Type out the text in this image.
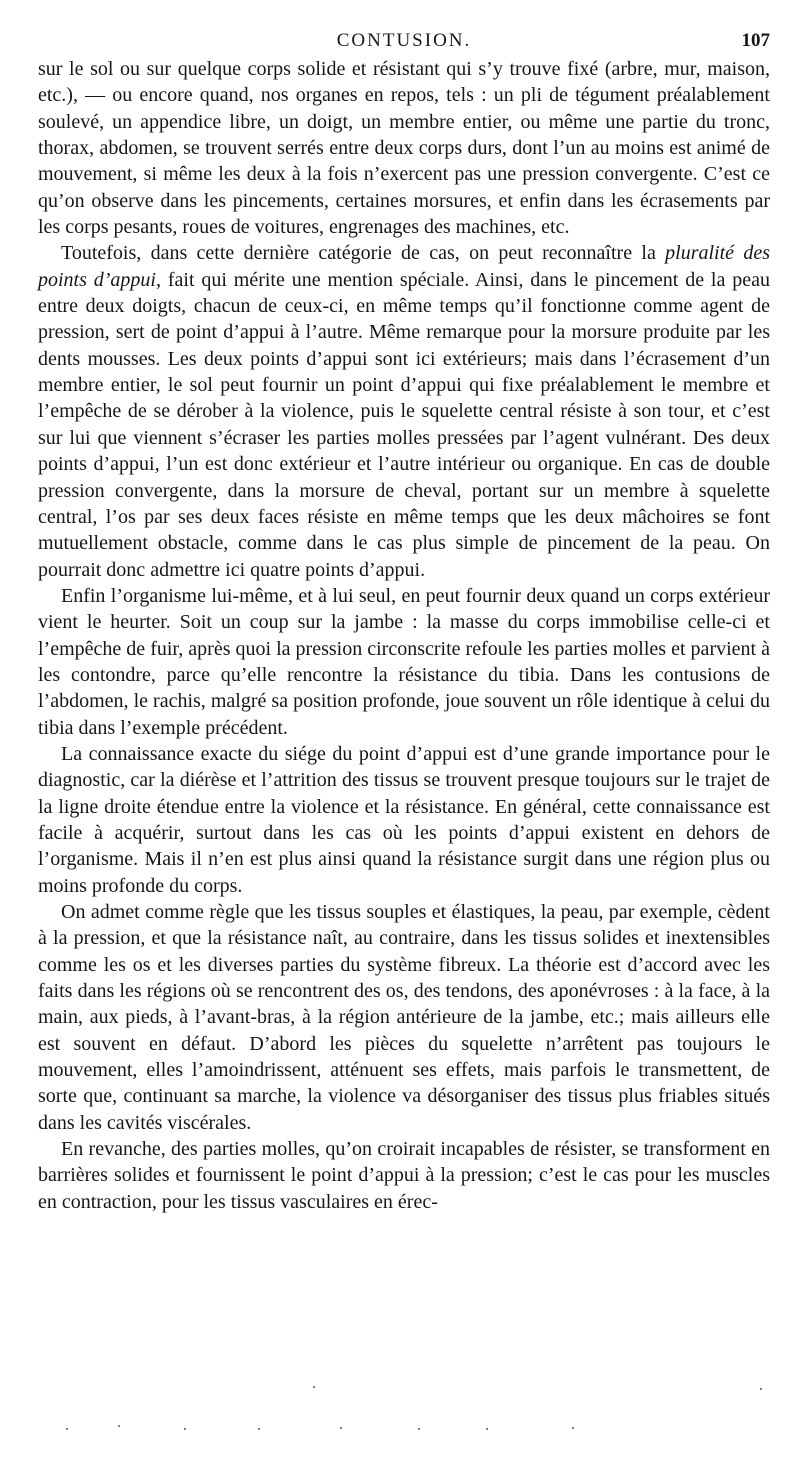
CONTUSION.	107

sur le sol ou sur quelque corps solide et résistant qui s’y trouve fixé (arbre, mur, maison, etc.), — ou encore quand, nos organes en repos, tels : un pli de tégument préalablement soulevé, un appendice libre, un doigt, un membre entier, ou même une partie du tronc, thorax, abdomen, se trouvent serrés entre deux corps durs, dont l’un au moins est animé de mouvement, si même les deux à la fois n’exercent pas une pression convergente. C’est ce qu’on observe dans les pincements, certaines morsures, et enfin dans les écrasements par les corps pesants, roues de voitures, engrenages des machines, etc.

Toutefois, dans cette dernière catégorie de cas, on peut reconnaître la pluralité des points d’appui, fait qui mérite une mention spéciale. Ainsi, dans le pincement de la peau entre deux doigts, chacun de ceux-ci, en même temps qu’il fonctionne comme agent de pression, sert de point d’appui à l’autre. Même remarque pour la morsure produite par les dents mousses. Les deux points d’appui sont ici extérieurs; mais dans l’écrasement d’un membre entier, le sol peut fournir un point d’appui qui fixe préalablement le membre et l’empêche de se dérober à la violence, puis le squelette central résiste à son tour, et c’est sur lui que viennent s’écraser les parties molles pressées par l’agent vulnérant. Des deux points d’appui, l’un est donc extérieur et l’autre intérieur ou organique. En cas de double pression convergente, dans la morsure de cheval, portant sur un membre à squelette central, l’os par ses deux faces résiste en même temps que les deux mâchoires se font mutuellement obstacle, comme dans le cas plus simple de pincement de la peau. On pourrait donc admettre ici quatre points d’appui.

Enfin l’organisme lui-même, et à lui seul, en peut fournir deux quand un corps extérieur vient le heurter. Soit un coup sur la jambe : la masse du corps immobilise celle-ci et l’empêche de fuir, après quoi la pression circonscrite refoule les parties molles et parvient à les contondre, parce qu’elle rencontre la résistance du tibia. Dans les contusions de l’abdomen, le rachis, malgré sa position profonde, joue souvent un rôle identique à celui du tibia dans l’exemple précédent.

La connaissance exacte du siége du point d’appui est d’une grande importance pour le diagnostic, car la diérèse et l’attrition des tissus se trouvent presque toujours sur le trajet de la ligne droite étendue entre la violence et la résistance. En général, cette connaissance est facile à acquérir, surtout dans les cas où les points d’appui existent en dehors de l’organisme. Mais il n’en est plus ainsi quand la résistance surgit dans une région plus ou moins profonde du corps.

On admet comme règle que les tissus souples et élastiques, la peau, par exemple, cèdent à la pression, et que la résistance naît, au contraire, dans les tissus solides et inextensibles comme les os et les diverses parties du système fibreux. La théorie est d’accord avec les faits dans les régions où se rencontrent des os, des tendons, des aponévroses : à la face, à la main, aux pieds, à l’avant-bras, à la région antérieure de la jambe, etc.; mais ailleurs elle est souvent en défaut. D’abord les pièces du squelette n’arrêtent pas toujours le mouvement, elles l’amoindrissent, atténuent ses effets, mais parfois le transmettent, de sorte que, continuant sa marche, la violence va désorganiser des tissus plus friables situés dans les cavités viscérales.

En revanche, des parties molles, qu’on croirait incapables de résister, se transforment en barrières solides et fournissent le point d’appui à la pression; c’est le cas pour les muscles en contraction, pour les tissus vasculaires en érec-
